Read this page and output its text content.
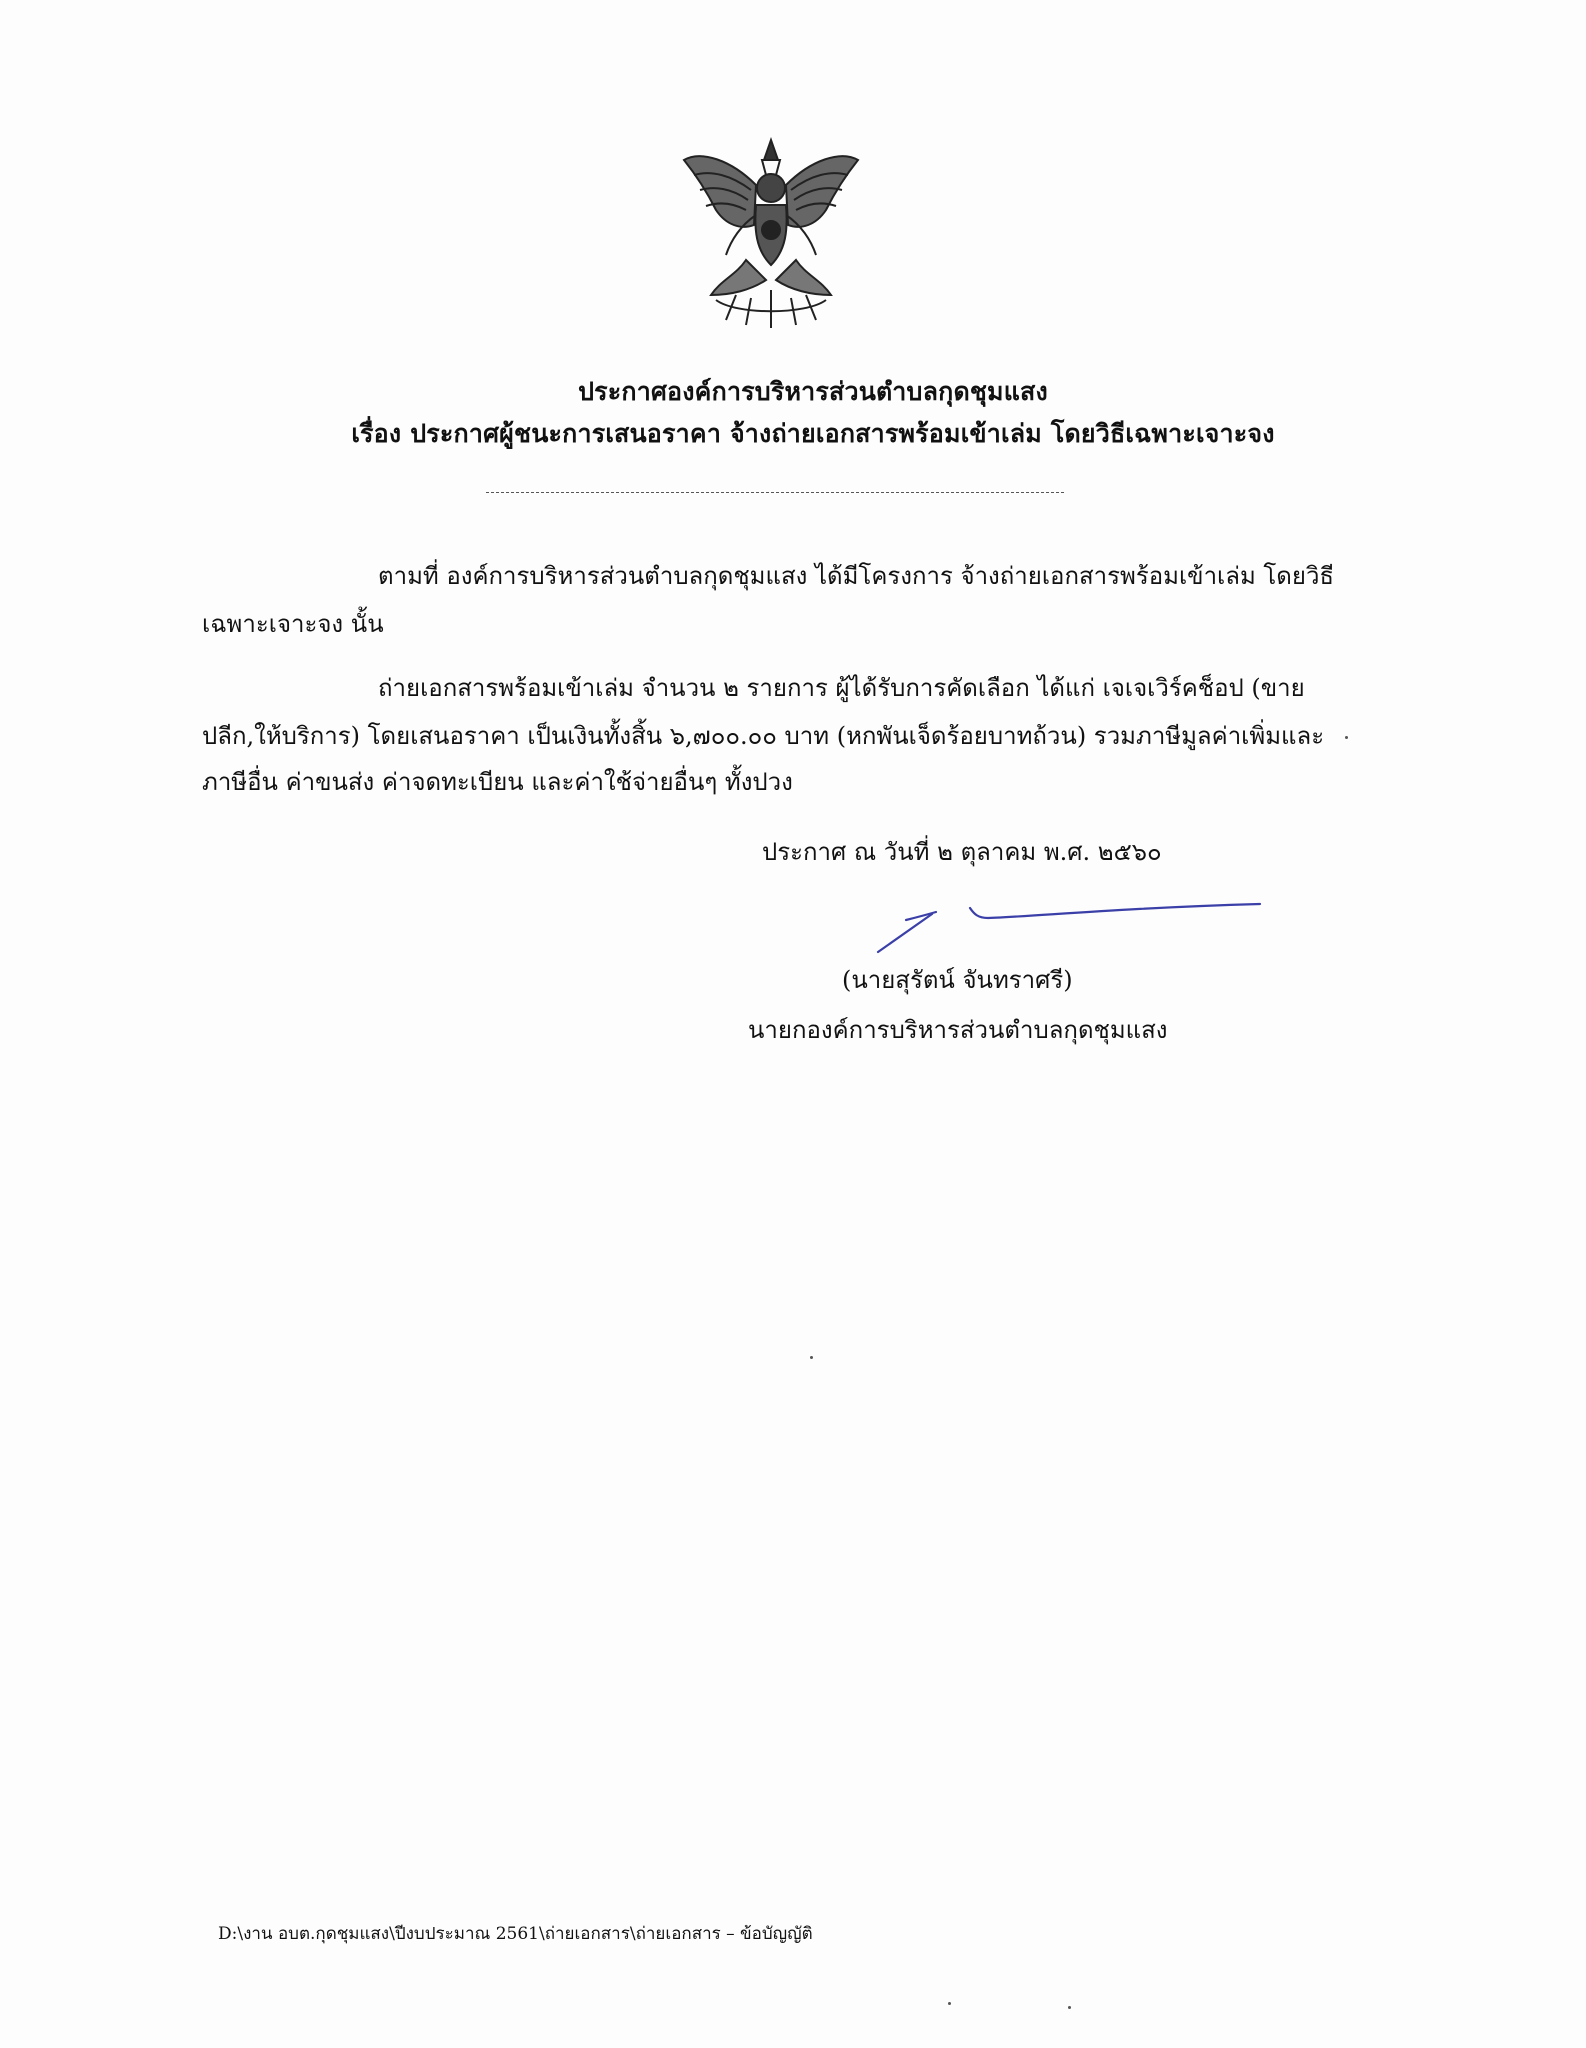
ประกาศองค์การบริหารส่วนตำบลกุดชุมแสง
เรื่อง ประกาศผู้ชนะการเสนอราคา จ้างถ่ายเอกสารพร้อมเข้าเล่ม โดยวิธีเฉพาะเจาะจง
ตามที่ องค์การบริหารส่วนตำบลกุดชุมแสง ได้มีโครงการ จ้างถ่ายเอกสารพร้อมเข้าเล่ม โดยวิธี
เฉพาะเจาะจง นั้น
ถ่ายเอกสารพร้อมเข้าเล่ม จำนวน ๒ รายการ ผู้ได้รับการคัดเลือก ได้แก่ เจเจเวิร์คช็อป (ขาย
ปลีก,ให้บริการ) โดยเสนอราคา เป็นเงินทั้งสิ้น ๖,๗๐๐.๐๐ บาท (หกพันเจ็ดร้อยบาทถ้วน) รวมภาษีมูลค่าเพิ่มและ
ภาษีอื่น ค่าขนส่ง ค่าจดทะเบียน และค่าใช้จ่ายอื่นๆ ทั้งปวง
ประกาศ ณ วันที่ ๒ ตุลาคม พ.ศ. ๒๕๖๐
(นายสุรัตน์ จันทราศรี)
นายกองค์การบริหารส่วนตำบลกุดชุมแสง
D:\งาน อบต.กุดชุมแสง\ปีงบประมาณ 2561\ถ่ายเอกสาร\ถ่ายเอกสาร – ข้อบัญญัติ
